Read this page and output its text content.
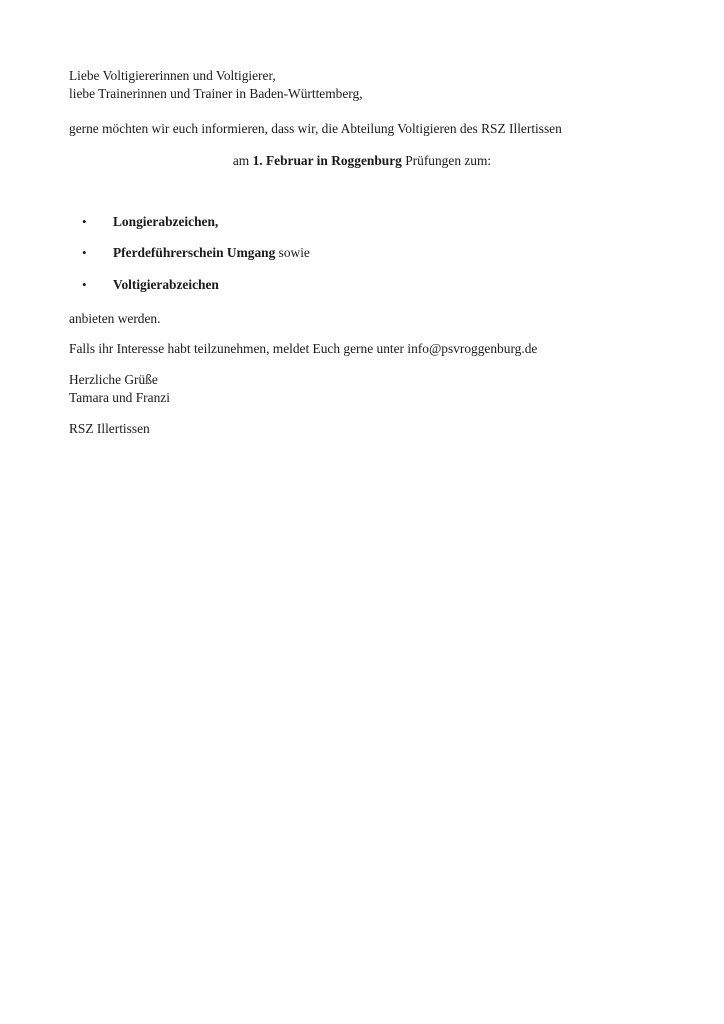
Liebe Voltigiererinnen und Voltigierer,
liebe Trainerinnen und Trainer in Baden-Württemberg,
gerne möchten wir euch informieren, dass wir, die Abteilung Voltigieren des RSZ Illertissen
am 1. Februar in Roggenburg Prüfungen zum:
• Longierabzeichen,
• Pferdeführerschein Umgang sowie
• Voltigierabzeichen
anbieten werden.
Falls ihr Interesse habt teilzunehmen, meldet Euch gerne unter info@psvroggenburg.de
Herzliche Grüße
Tamara und Franzi
RSZ Illertissen
